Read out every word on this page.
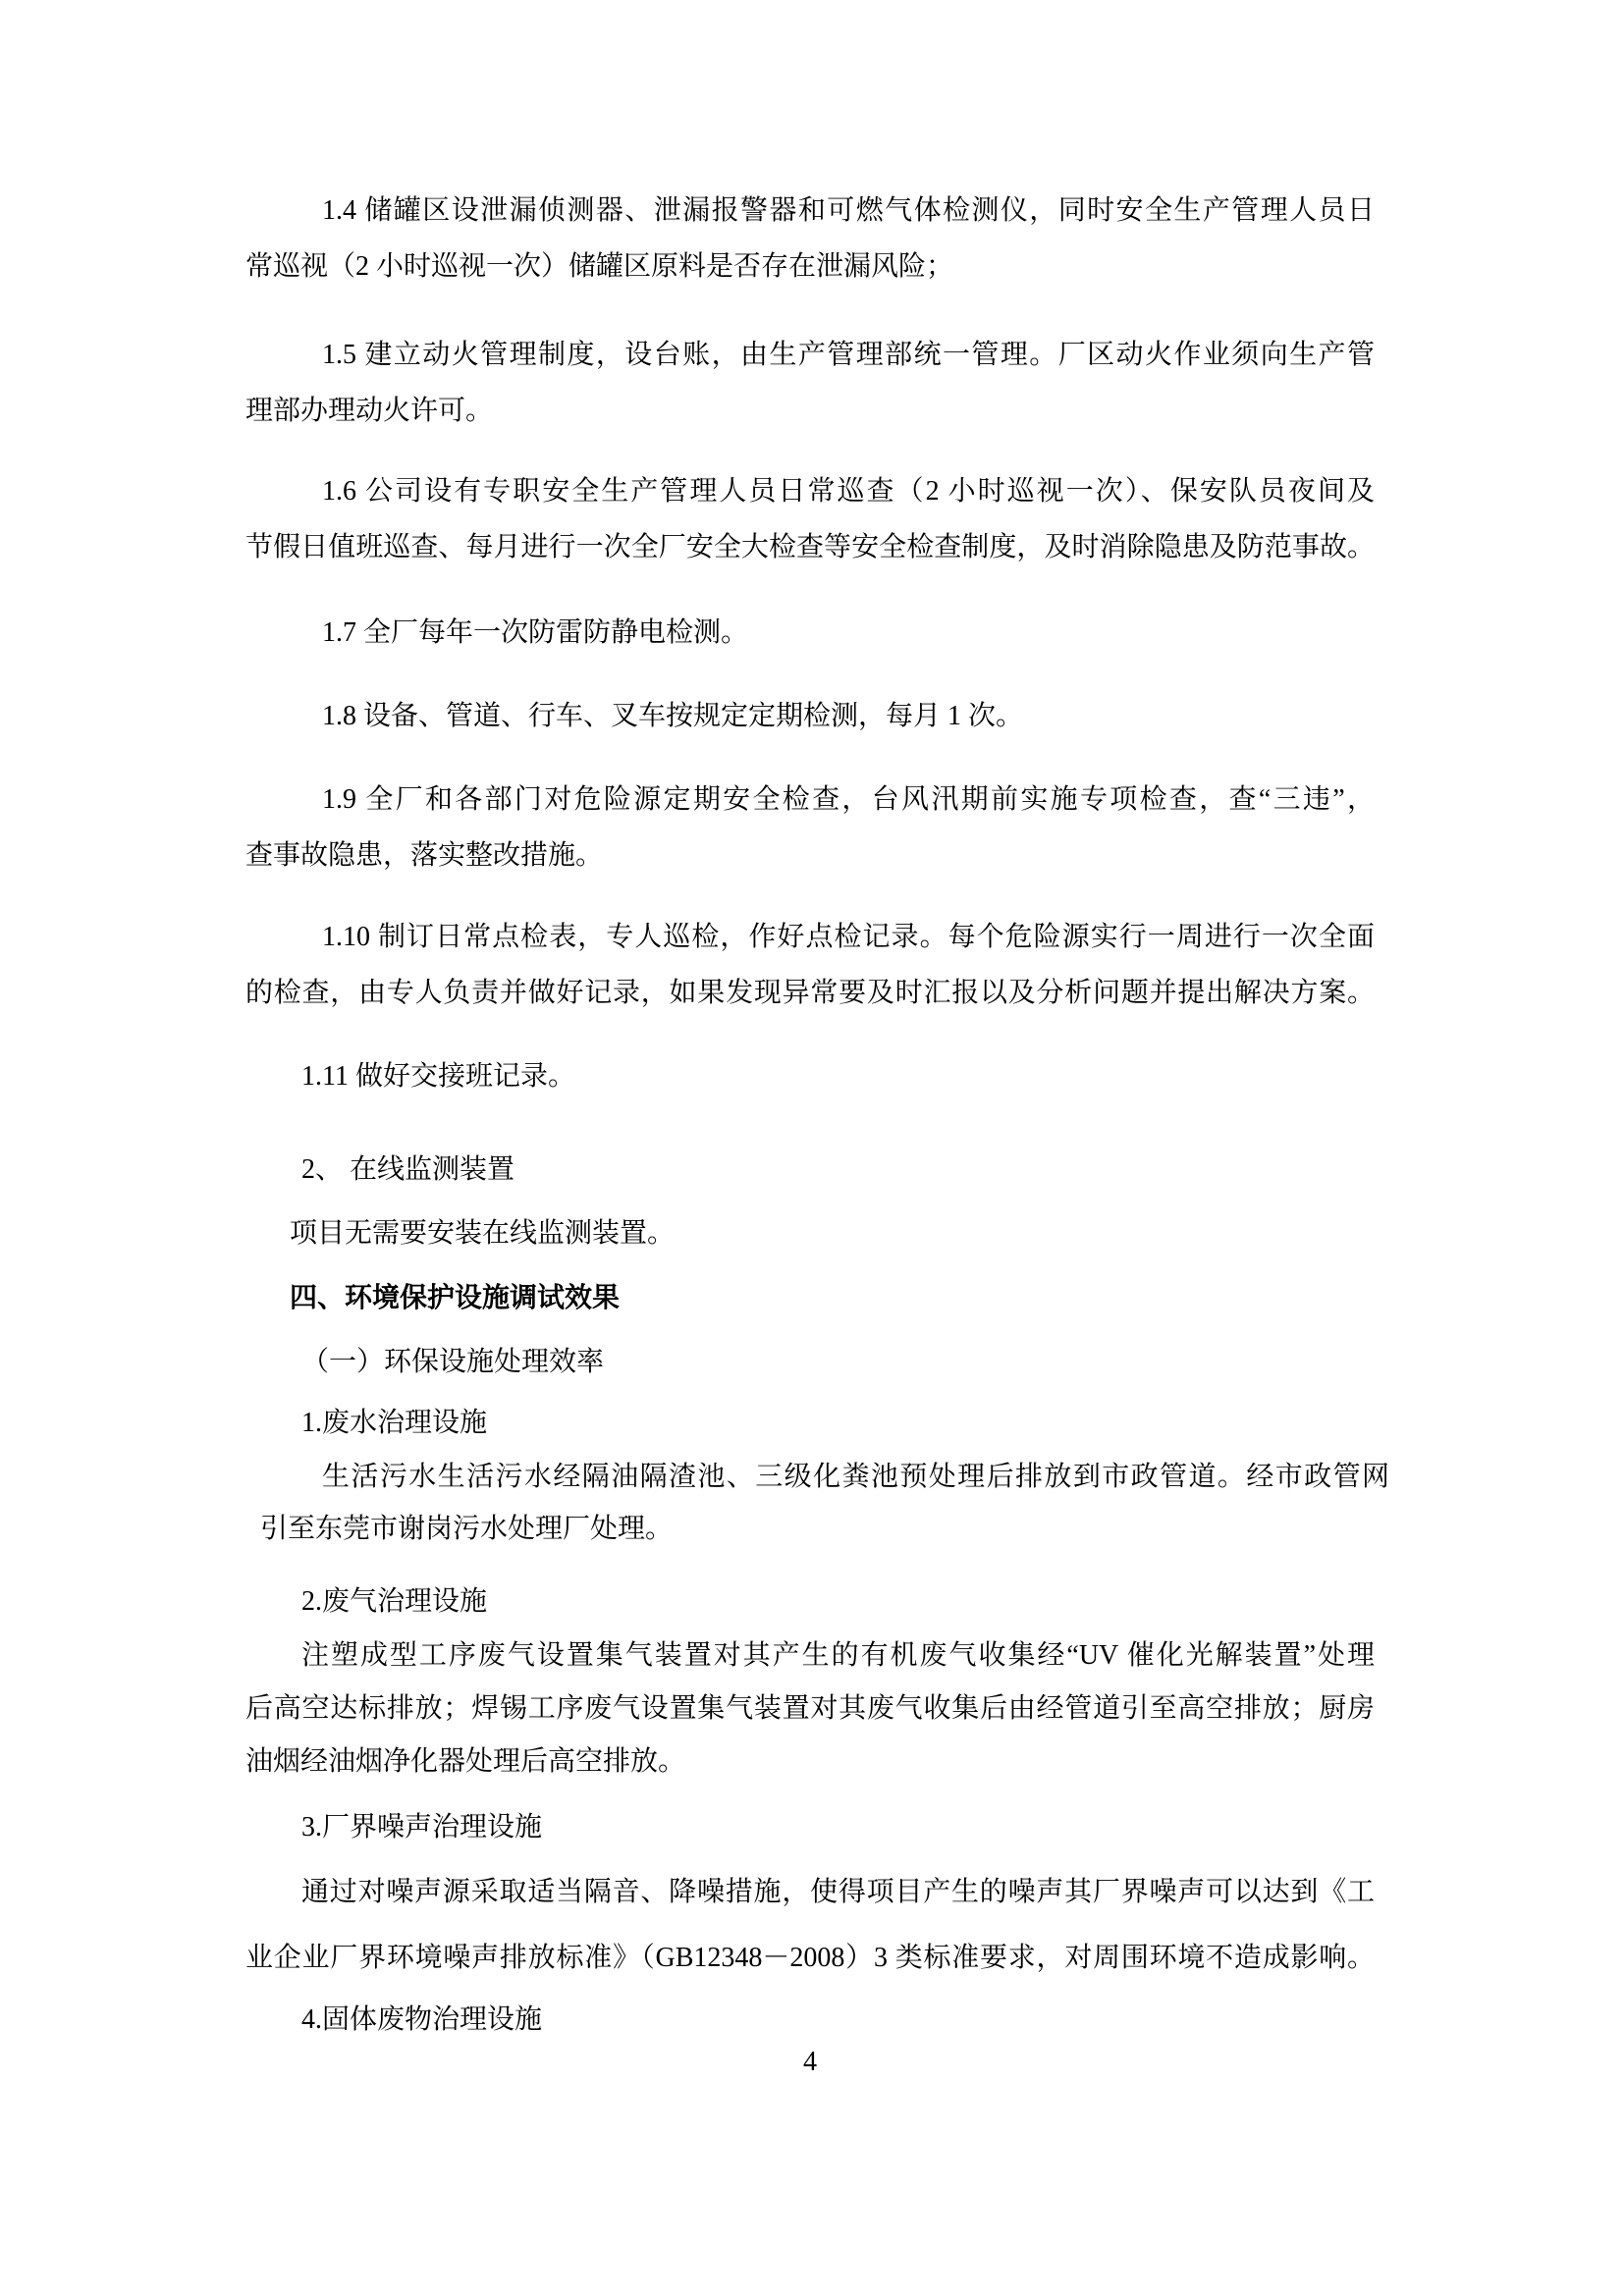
1.4 储罐区设泄漏侦测器、泄漏报警器和可燃气体检测仪，同时安全生产管理人员日
常巡视（2 小时巡视一次）储罐区原料是否存在泄漏风险；
1.5 建立动火管理制度，设台账，由生产管理部统一管理。厂区动火作业须向生产管
理部办理动火许可。
1.6 公司设有专职安全生产管理人员日常巡查（2 小时巡视一次）、保安队员夜间及
节假日值班巡查、每月进行一次全厂安全大检查等安全检查制度，及时消除隐患及防范事故。
1.7 全厂每年一次防雷防静电检测。
1.8 设备、管道、行车、叉车按规定定期检测，每月 1 次。
1.9 全厂和各部门对危险源定期安全检查，台风汛期前实施专项检查，查“三违”，
查事故隐患，落实整改措施。
1.10 制订日常点检表，专人巡检，作好点检记录。每个危险源实行一周进行一次全面
的检查，由专人负责并做好记录，如果发现异常要及时汇报以及分析问题并提出解决方案。
1.11 做好交接班记录。
2、 在线监测装置
项目无需要安装在线监测装置。
四、环境保护设施调试效果
（一）环保设施处理效率
1.废水治理设施
生活污水生活污水经隔油隔渣池、三级化粪池预处理后排放到市政管道。经市政管网
引至东莞市谢岗污水处理厂处理。
2.废气治理设施
注塑成型工序废气设置集气装置对其产生的有机废气收集经“UV 催化光解装置”处理
后高空达标排放；焊锡工序废气设置集气装置对其废气收集后由经管道引至高空排放；厨房
油烟经油烟净化器处理后高空排放。
3.厂界噪声治理设施
通过对噪声源采取适当隔音、降噪措施，使得项目产生的噪声其厂界噪声可以达到《工
业企业厂界环境噪声排放标准》（GB12348－2008）3 类标准要求，对周围环境不造成影响。
4.固体废物治理设施
4
